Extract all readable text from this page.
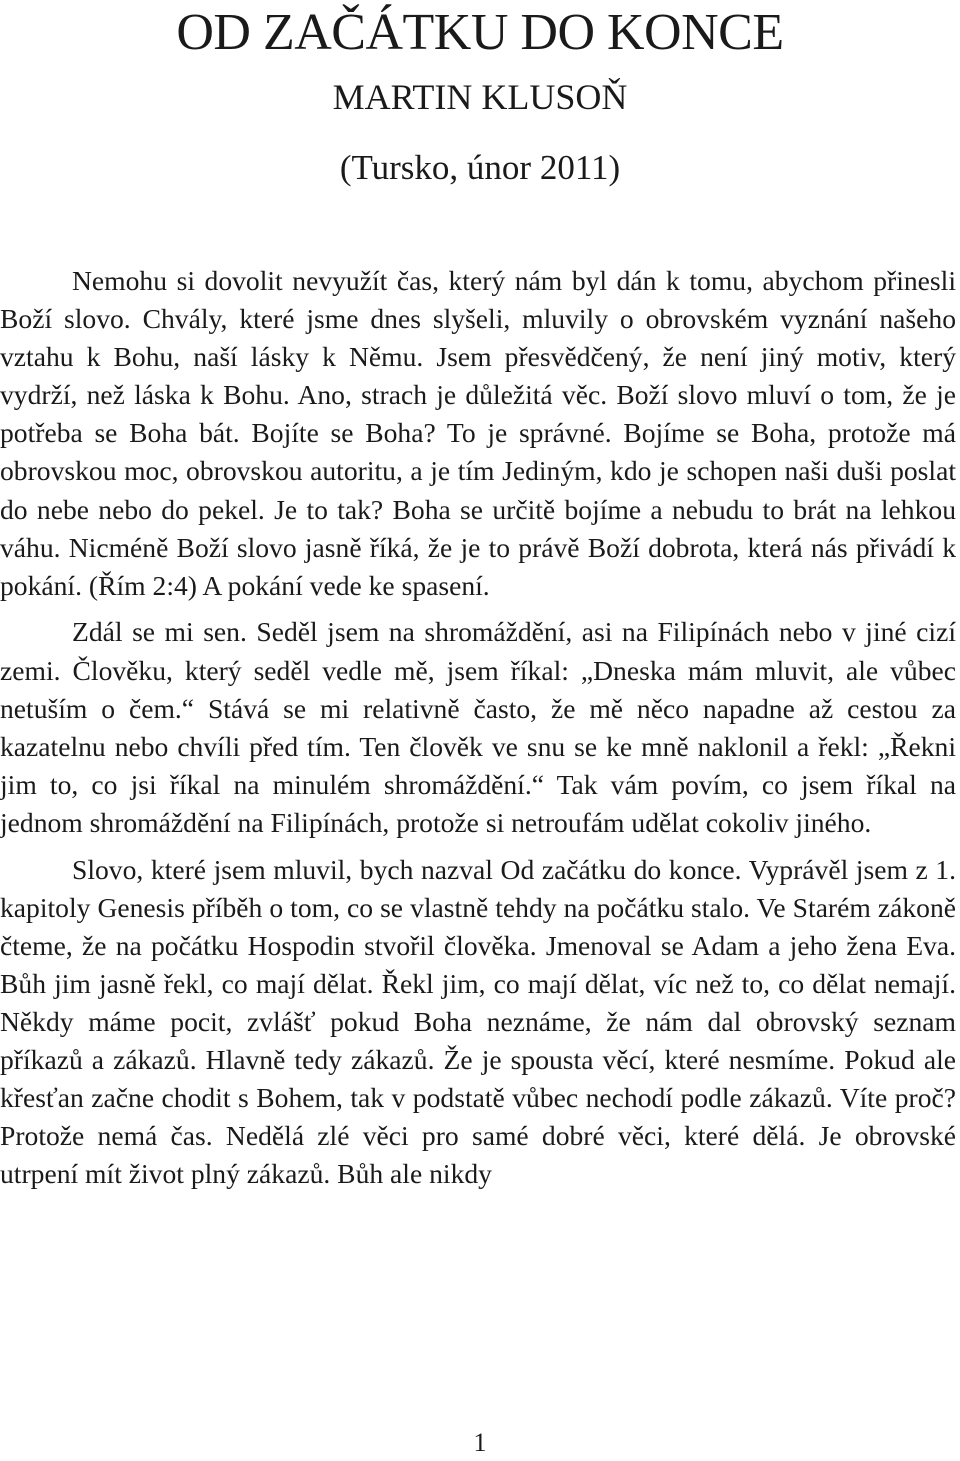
OD ZAČÁTKU DO KONCE
MARTIN KLUSOŇ
(Tursko, únor 2011)

Nemohu si dovolit nevyužít čas, který nám byl dán k tomu, abychom přinesli Boží slovo. Chvály, které jsme dnes slyšeli, mluvily o obrovském vyznání našeho vztahu k Bohu, naší lásky k Němu. Jsem přesvědčený, že není jiný motiv, který vydrží, než láska k Bohu. Ano, strach je důležitá věc. Boží slovo mluví o tom, že je potřeba se Boha bát. Bojíte se Boha? To je správné. Bojíme se Boha, protože má obrovskou moc, obrovskou autoritu, a je tím Jediným, kdo je schopen naši duši poslat do nebe nebo do pekel. Je to tak? Boha se určitě bojíme a nebudu to brát na lehkou váhu. Nicméně Boží slovo jasně říká, že je to právě Boží dobrota, která nás přivádí k pokání. (Řím 2:4) A pokání vede ke spasení.

Zdál se mi sen. Seděl jsem na shromáždění, asi na Filipínách nebo v jiné cizí zemi. Člověku, který seděl vedle mě, jsem říkal: „Dneska mám mluvit, ale vůbec netuším o čem.“ Stává se mi relativně často, že mě něco napadne až cestou za kazatelnu nebo chvíli před tím. Ten člověk ve snu se ke mně naklonil a řekl: „Řekni jim to, co jsi říkal na minulém shromáždění.“ Tak vám povím, co jsem říkal na jednom shromáždění na Filipínách, protože si netroufám udělat cokoliv jiného.

Slovo, které jsem mluvil, bych nazval Od začátku do konce. Vyprávěl jsem z 1. kapitoly Genesis příběh o tom, co se vlastně tehdy na počátku stalo. Ve Starém zákoně čteme, že na počátku Hospodin stvořil člověka. Jmenoval se Adam a jeho žena Eva. Bůh jim jasně řekl, co mají dělat. Řekl jim, co mají dělat, víc než to, co dělat nemají. Někdy máme pocit, zvlášť pokud Boha neznáme, že nám dal obrovský seznam příkazů a zákazů. Hlavně tedy zákazů. Že je spousta věcí, které nesmíme. Pokud ale křesťan začne chodit s Bohem, tak v podstatě vůbec nechodí podle zákazů. Víte proč? Protože nemá čas. Nedělá zlé věci pro samé dobré věci, které dělá. Je obrovské utrpení mít život plný zákazů. Bůh ale nikdy

1
